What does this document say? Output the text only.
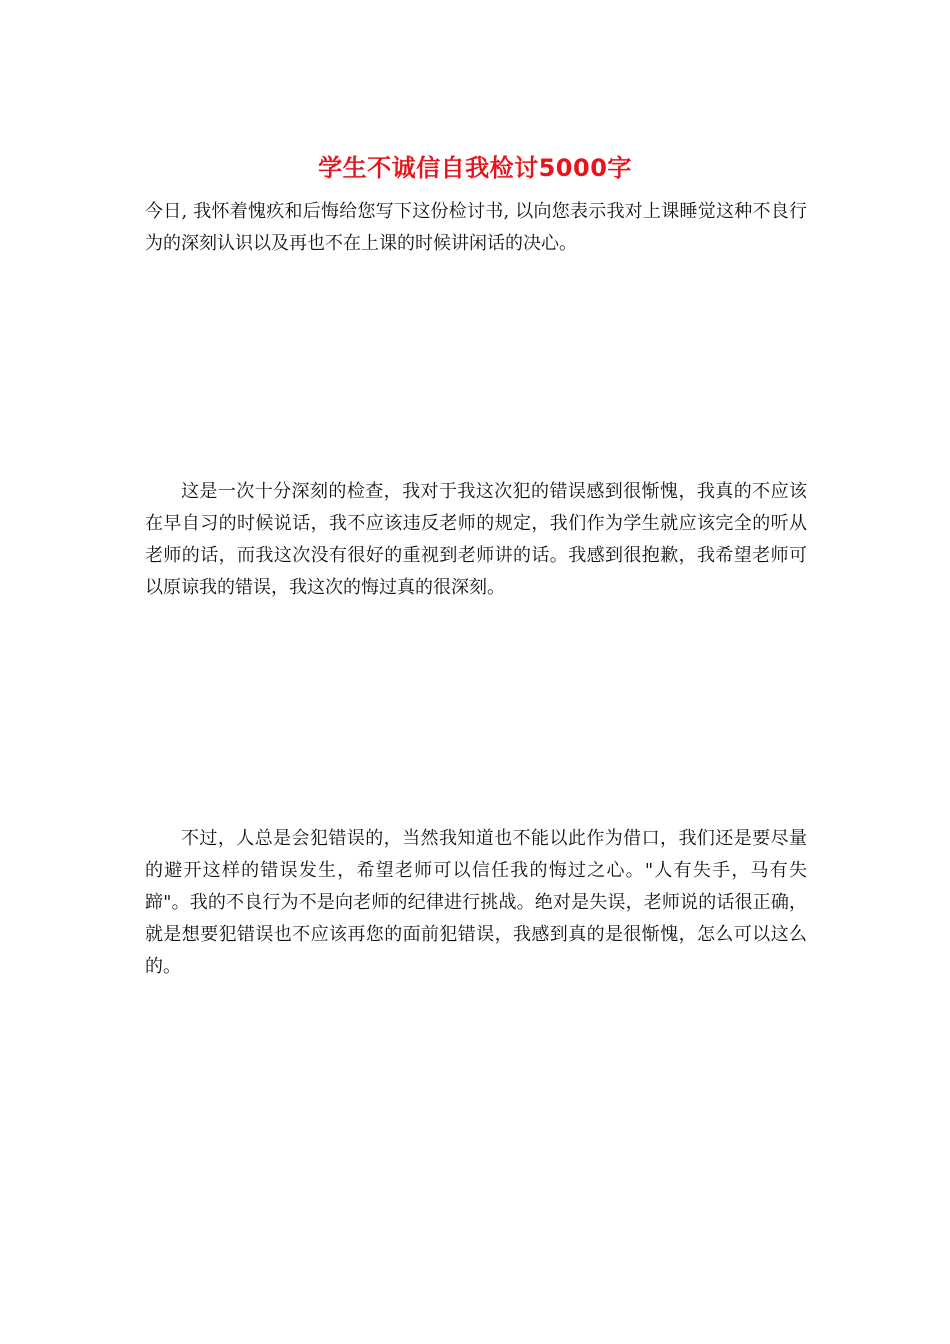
学生不诚信自我检讨5000字

今日, 我怀着愧疚和后悔给您写下这份检讨书, 以向您表示我对上课睡觉这种不良行为的深刻认识以及再也不在上课的时候讲闲话的决心。

这是一次十分深刻的检查，我对于我这次犯的错误感到很惭愧，我真的不应该在早自习的时候说话，我不应该违反老师的规定，我们作为学生就应该完全的听从老师的话，而我这次没有很好的重视到老师讲的话。我感到很抱歉，我希望老师可以原谅我的错误，我这次的悔过真的很深刻。

不过，人总是会犯错误的，当然我知道也不能以此作为借口，我们还是要尽量的避开这样的错误发生，希望老师可以信任我的悔过之心。"人有失手，马有失蹄"。我的不良行为不是向老师的纪律进行挑战。绝对是失误，老师说的话很正确，就是想要犯错误也不应该再您的面前犯错误，我感到真的是很惭愧，怎么可以这么的。
